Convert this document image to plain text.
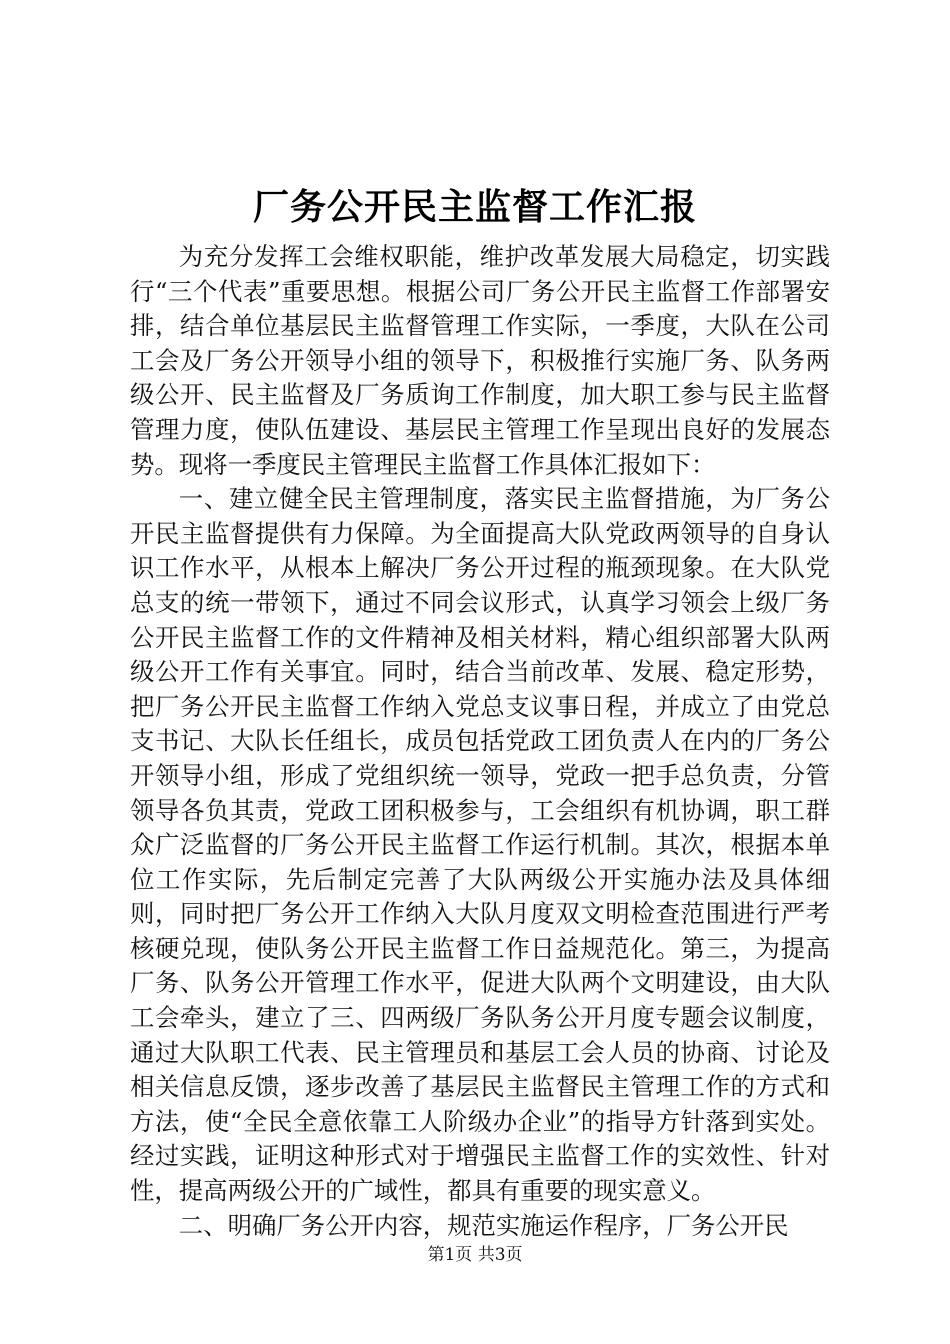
厂务公开民主监督工作汇报

为充分发挥工会维权职能，维护改革发展大局稳定，切实践行“三个代表”重要思想。根据公司厂务公开民主监督工作部署安排，结合单位基层民主监督管理工作实际，一季度，大队在公司工会及厂务公开领导小组的领导下，积极推行实施厂务、队务两级公开、民主监督及厂务质询工作制度，加大职工参与民主监督管理力度，使队伍建设、基层民主管理工作呈现出良好的发展态势。现将一季度民主管理民主监督工作具体汇报如下：

一、建立健全民主管理制度，落实民主监督措施，为厂务公开民主监督提供有力保障。为全面提高大队党政两领导的自身认识工作水平，从根本上解决厂务公开过程的瓶颈现象。在大队党总支的统一带领下，通过不同会议形式，认真学习领会上级厂务公开民主监督工作的文件精神及相关材料，精心组织部署大队两级公开工作有关事宜。同时，结合当前改革、发展、稳定形势，把厂务公开民主监督工作纳入党总支议事日程，并成立了由党总支书记、大队长任组长，成员包括党政工团负责人在内的厂务公开领导小组，形成了党组织统一领导，党政一把手总负责，分管领导各负其责，党政工团积极参与，工会组织有机协调，职工群众广泛监督的厂务公开民主监督工作运行机制。其次，根据本单位工作实际，先后制定完善了大队两级公开实施办法及具体细则，同时把厂务公开工作纳入大队月度双文明检查范围进行严考核硬兑现，使队务公开民主监督工作日益规范化。第三，为提高厂务、队务公开管理工作水平，促进大队两个文明建设，由大队工会牵头，建立了三、四两级厂务队务公开月度专题会议制度，通过大队职工代表、民主管理员和基层工会人员的协商、讨论及相关信息反馈，逐步改善了基层民主监督民主管理工作的方式和方法，使“全民全意依靠工人阶级办企业”的指导方针落到实处。经过实践，证明这种形式对于增强民主监督工作的实效性、针对性，提高两级公开的广域性，都具有重要的现实意义。

二、明确厂务公开内容，规范实施运作程序，厂务公开民

第1页 共3页
